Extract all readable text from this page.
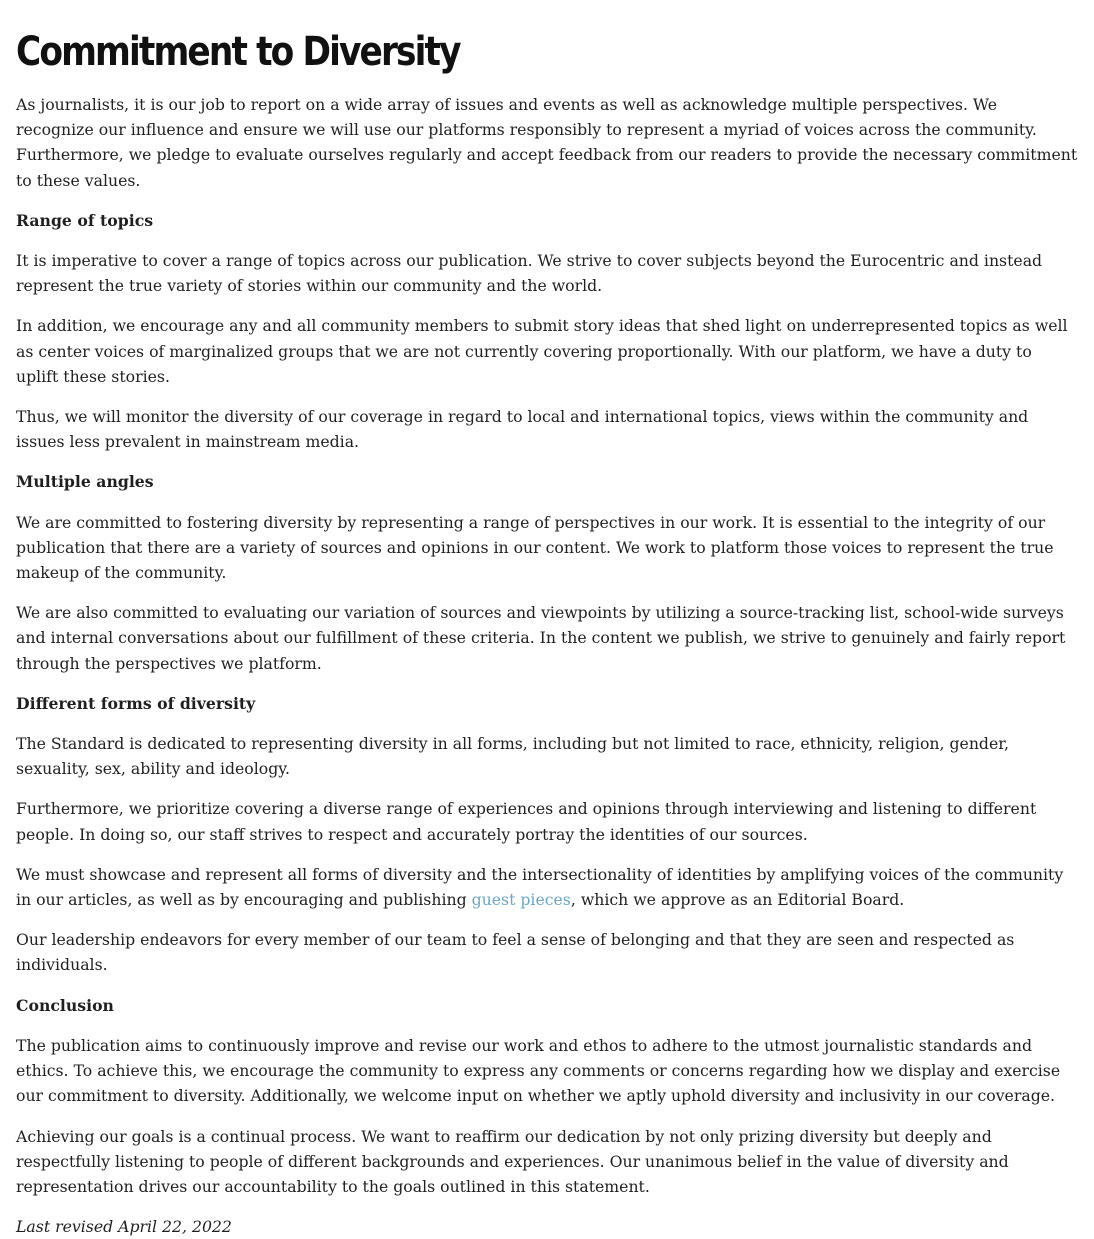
Commitment to Diversity

As journalists, it is our job to report on a wide array of issues and events as well as acknowledge multiple perspectives. We recognize our influence and ensure we will use our platforms responsibly to represent a myriad of voices across the community. Furthermore, we pledge to evaluate ourselves regularly and accept feedback from our readers to provide the necessary commitment to these values.

Range of topics

It is imperative to cover a range of topics across our publication. We strive to cover subjects beyond the Eurocentric and instead represent the true variety of stories within our community and the world.

In addition, we encourage any and all community members to submit story ideas that shed light on underrepresented topics as well as center voices of marginalized groups that we are not currently covering proportionally. With our platform, we have a duty to uplift these stories.

Thus, we will monitor the diversity of our coverage in regard to local and international topics, views within the community and issues less prevalent in mainstream media.

Multiple angles

We are committed to fostering diversity by representing a range of perspectives in our work. It is essential to the integrity of our publication that there are a variety of sources and opinions in our content. We work to platform those voices to represent the true makeup of the community.

We are also committed to evaluating our variation of sources and viewpoints by utilizing a source-tracking list, school-wide surveys and internal conversations about our fulfillment of these criteria. In the content we publish, we strive to genuinely and fairly report through the perspectives we platform.

Different forms of diversity

The Standard is dedicated to representing diversity in all forms, including but not limited to race, ethnicity, religion, gender, sexuality, sex, ability and ideology.

Furthermore, we prioritize covering a diverse range of experiences and opinions through interviewing and listening to different people. In doing so, our staff strives to respect and accurately portray the identities of our sources.

We must showcase and represent all forms of diversity and the intersectionality of identities by amplifying voices of the community in our articles, as well as by encouraging and publishing guest pieces, which we approve as an Editorial Board.

Our leadership endeavors for every member of our team to feel a sense of belonging and that they are seen and respected as individuals.

Conclusion

The publication aims to continuously improve and revise our work and ethos to adhere to the utmost journalistic standards and ethics. To achieve this, we encourage the community to express any comments or concerns regarding how we display and exercise our commitment to diversity. Additionally, we welcome input on whether we aptly uphold diversity and inclusivity in our coverage.

Achieving our goals is a continual process. We want to reaffirm our dedication by not only prizing diversity but deeply and respectfully listening to people of different backgrounds and experiences. Our unanimous belief in the value of diversity and representation drives our accountability to the goals outlined in this statement.

Last revised April 22, 2022
